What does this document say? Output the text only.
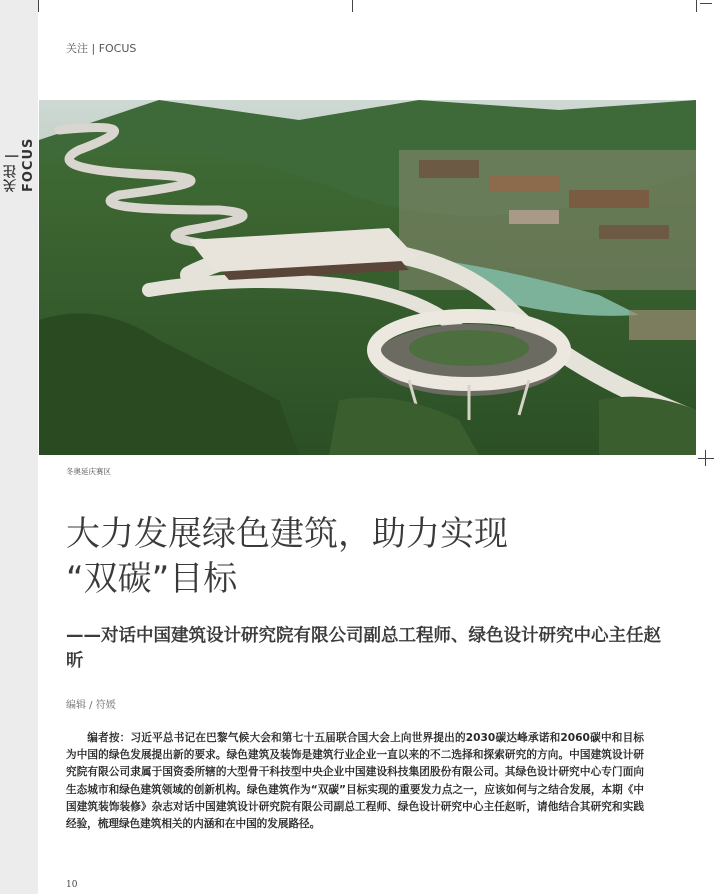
关注 | FOCUS
关注 | FOCUS
冬奥延庆赛区
大力发展绿色建筑，助力实现
“双碳”目标
——对话中国建筑设计研究院有限公司副总工程师、绿色设计研究中心主任赵昕
编辑 / 符媛

编者按：习近平总书记在巴黎气候大会和第七十五届联合国大会上向世界提出的2030碳达峰承诺和2060碳中和目标为中国的绿色发展提出新的要求。绿色建筑及装饰是建筑行业企业一直以来的不二选择和探索研究的方向。中国建筑设计研究院有限公司隶属于国资委所辖的大型骨干科技型中央企业中国建设科技集团股份有限公司。其绿色设计研究中心专门面向生态城市和绿色建筑领域的创新机构。绿色建筑作为“双碳”目标实现的重要发力点之一，应该如何与之结合发展，本期《中国建筑装饰装修》杂志对话中国建筑设计研究院有限公司副总工程师、绿色设计研究中心主任赵昕，请他结合其研究和实践经验，梳理绿色建筑相关的内涵和在中国的发展路径。

10
